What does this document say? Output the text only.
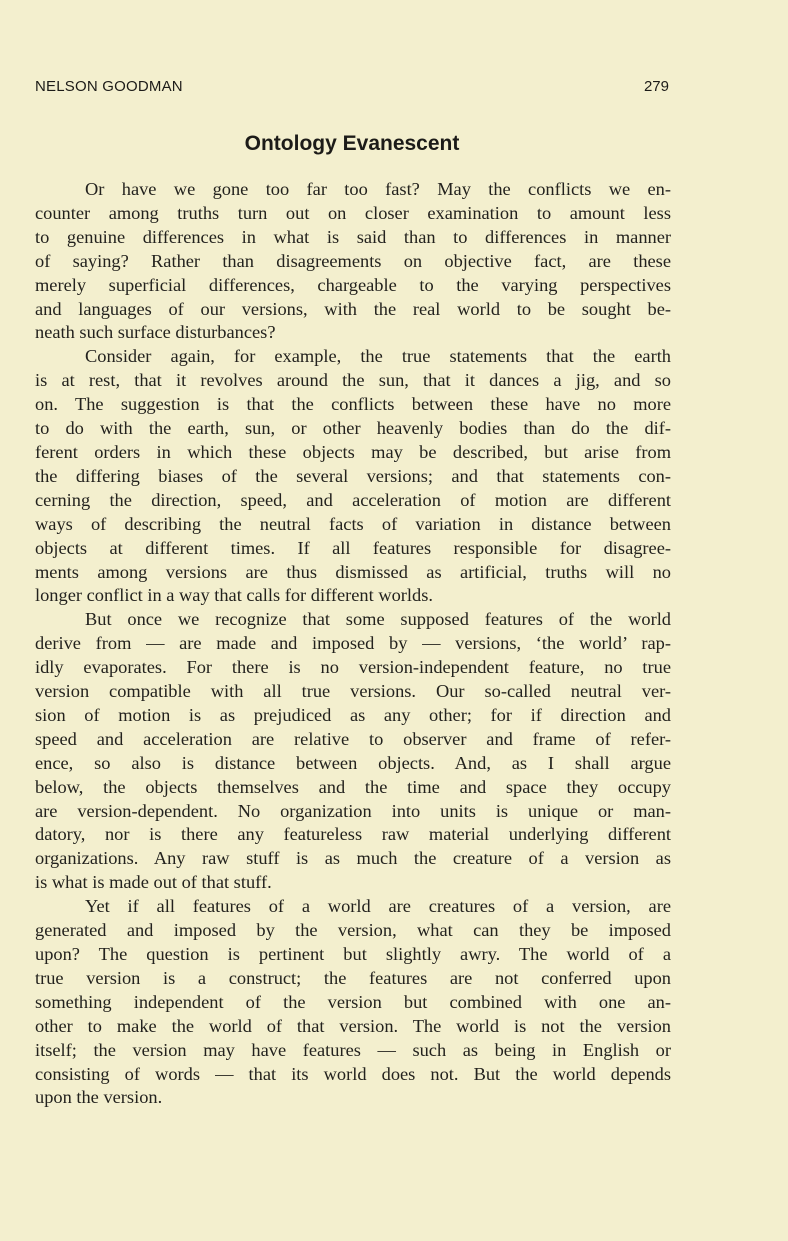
NELSON GOODMAN	279
Ontology Evanescent
Or have we gone too far too fast? May the conflicts we en-
counter among truths turn out on closer examination to amount less
to genuine differences in what is said than to differences in manner
of saying? Rather than disagreements on objective fact, are these
merely superficial differences, chargeable to the varying perspectives
and languages of our versions, with the real world to be sought be-
neath such surface disturbances?
Consider again, for example, the true statements that the earth
is at rest, that it revolves around the sun, that it dances a jig, and so
on. The suggestion is that the conflicts between these have no more
to do with the earth, sun, or other heavenly bodies than do the dif-
ferent orders in which these objects may be described, but arise from
the differing biases of the several versions; and that statements con-
cerning the direction, speed, and acceleration of motion are different
ways of describing the neutral facts of variation in distance between
objects at different times. If all features responsible for disagree-
ments among versions are thus dismissed as artificial, truths will no
longer conflict in a way that calls for different worlds.
But once we recognize that some supposed features of the world
derive from — are made and imposed by — versions, ‘the world’ rap-
idly evaporates. For there is no version-independent feature, no true
version compatible with all true versions. Our so-called neutral ver-
sion of motion is as prejudiced as any other; for if direction and
speed and acceleration are relative to observer and frame of refer-
ence, so also is distance between objects. And, as I shall argue
below, the objects themselves and the time and space they occupy
are version-dependent. No organization into units is unique or man-
datory, nor is there any featureless raw material underlying different
organizations. Any raw stuff is as much the creature of a version as
is what is made out of that stuff.
Yet if all features of a world are creatures of a version, are
generated and imposed by the version, what can they be imposed
upon? The question is pertinent but slightly awry. The world of a
true version is a construct; the features are not conferred upon
something independent of the version but combined with one an-
other to make the world of that version. The world is not the version
itself; the version may have features — such as being in English or
consisting of words — that its world does not. But the world depends
upon the version.
